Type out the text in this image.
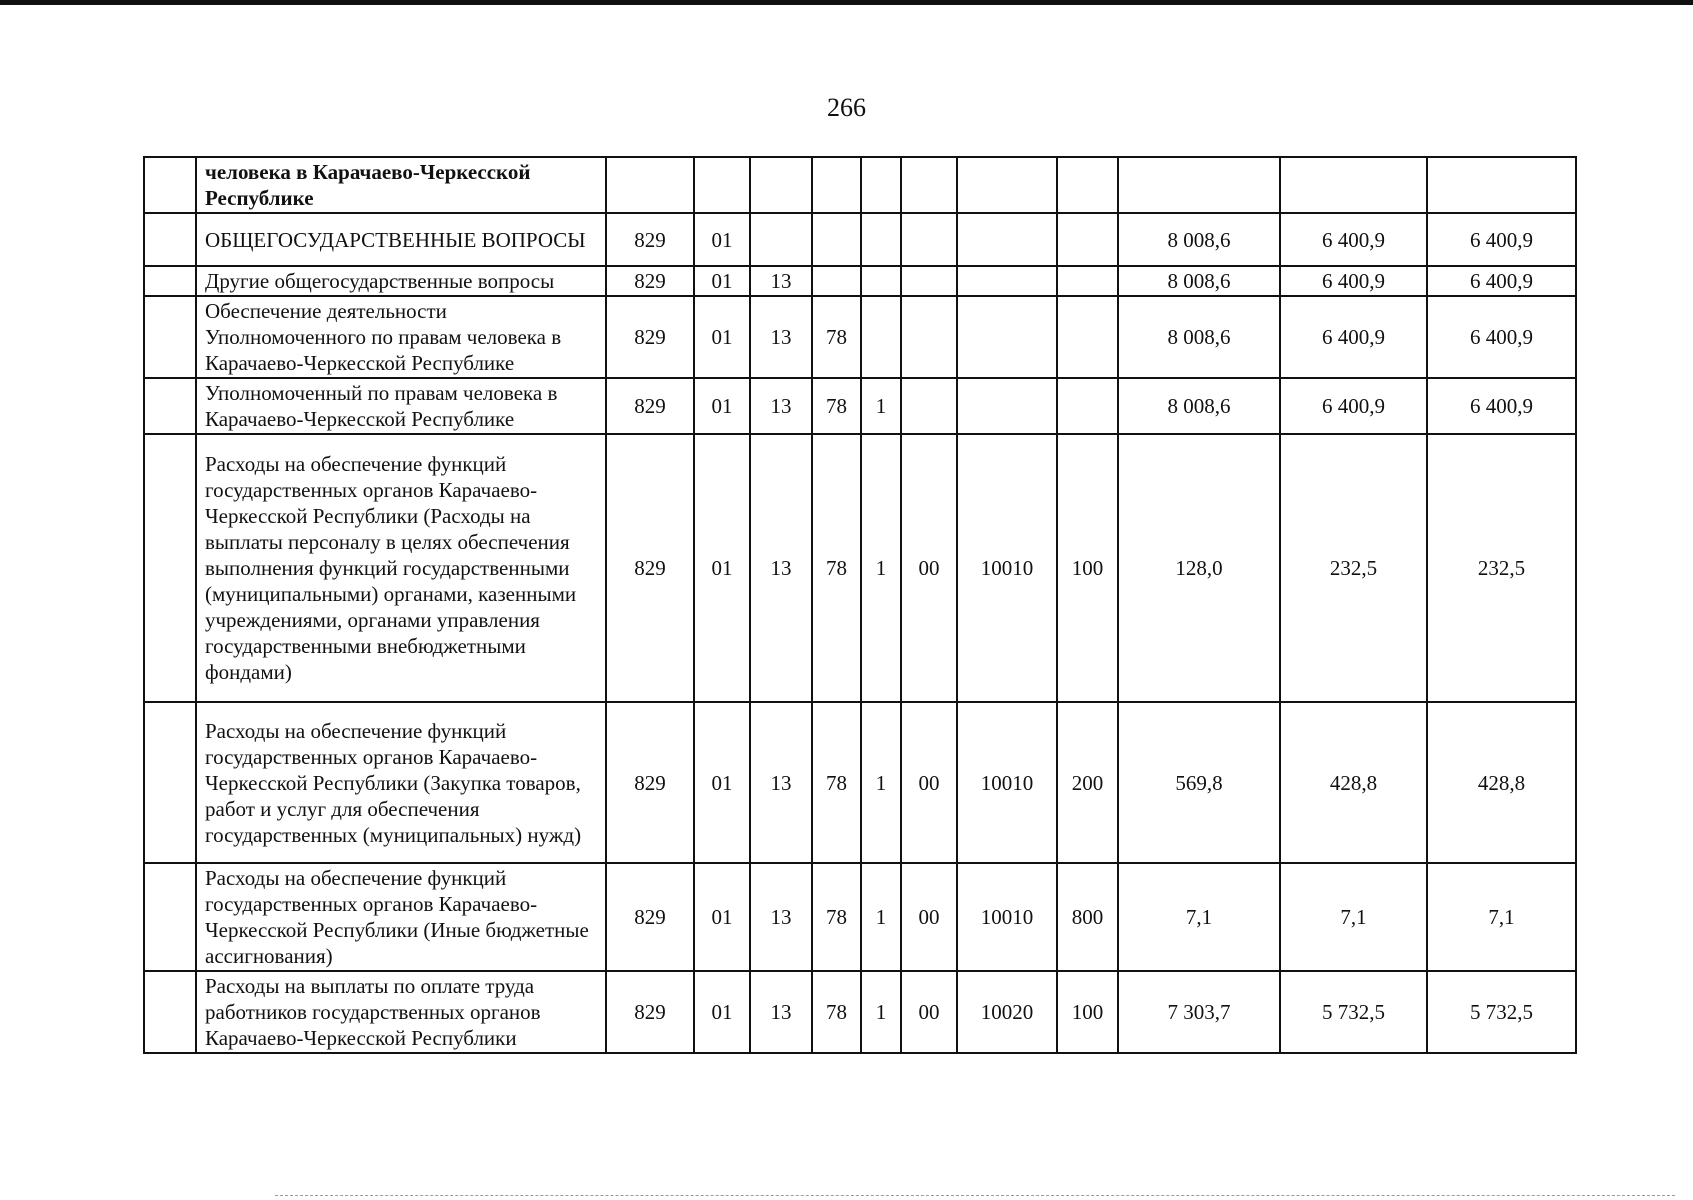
266
	человека в Карачаево-Черкесской Республике											
	ОБЩЕГОСУДАРСТВЕННЫЕ ВОПРОСЫ	829	01							8 008,6	6 400,9	6 400,9
	Другие общегосударственные вопросы	829	01	13						8 008,6	6 400,9	6 400,9
	Обеспечение деятельности Уполномоченного по правам человека в Карачаево-Черкесской Республике	829	01	13	78					8 008,6	6 400,9	6 400,9
	Уполномоченный по правам человека в Карачаево-Черкесской Республике	829	01	13	78	1				8 008,6	6 400,9	6 400,9
	Расходы на обеспечение функций государственных органов Карачаево-Черкесской Республики (Расходы на выплаты персоналу в целях обеспечения выполнения функций государственными (муниципальными) органами, казенными учреждениями, органами управления государственными внебюджетными фондами)	829	01	13	78	1	00	10010	100	128,0	232,5	232,5
	Расходы на обеспечение функций государственных органов Карачаево-Черкесской Республики (Закупка товаров, работ и услуг для обеспечения государственных (муниципальных) нужд)	829	01	13	78	1	00	10010	200	569,8	428,8	428,8
	Расходы на обеспечение функций государственных органов Карачаево-Черкесской Республики (Иные бюджетные ассигнования)	829	01	13	78	1	00	10010	800	7,1	7,1	7,1
	Расходы на выплаты по оплате труда работников государственных органов Карачаево-Черкесской Республики	829	01	13	78	1	00	10020	100	7 303,7	5 732,5	5 732,5
